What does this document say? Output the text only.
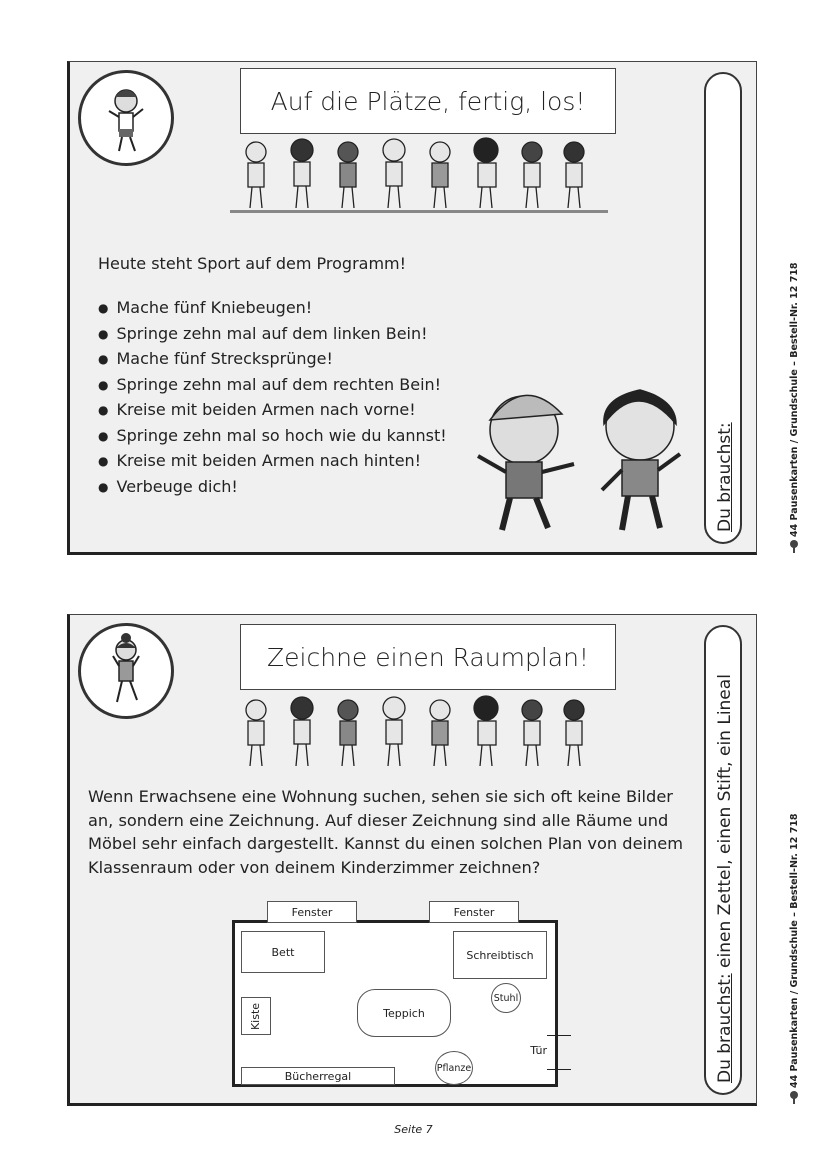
Auf die Plätze, fertig, los!
Heute steht Sport auf dem Programm!
● Mache fünf Kniebeugen!
● Springe zehn mal auf dem linken Bein!
● Mache fünf Strecksprünge!
● Springe zehn mal auf dem rechten Bein!
● Kreise mit beiden Armen nach vorne!
● Springe zehn mal so hoch wie du kannst!
● Kreise mit beiden Armen nach hinten!
● Verbeuge dich!	Du brauchst:
Zeichne einen Raumplan!
Wenn Erwachsene eine Wohnung suchen, sehen sie sich oft keine Bilder an, sondern eine Zeichnung. Auf dieser Zeichnung sind alle Räume und Möbel sehr einfach dargestellt. Kannst du einen solchen Plan von deinem Klassenraum oder von deinem Kinderzimmer zeichnen?
Fenster	Fenster
Bett	Schreibtisch
Stuhl
Kiste	Teppich
Pflanze
Bücherregal
Tür	Du brauchst: einen Zettel, einen Stift, ein Lineal
44 Pausenkarten / Grundschule – Bestell-Nr. 12 718
44 Pausenkarten / Grundschule – Bestell-Nr. 12 718
Seite 7
